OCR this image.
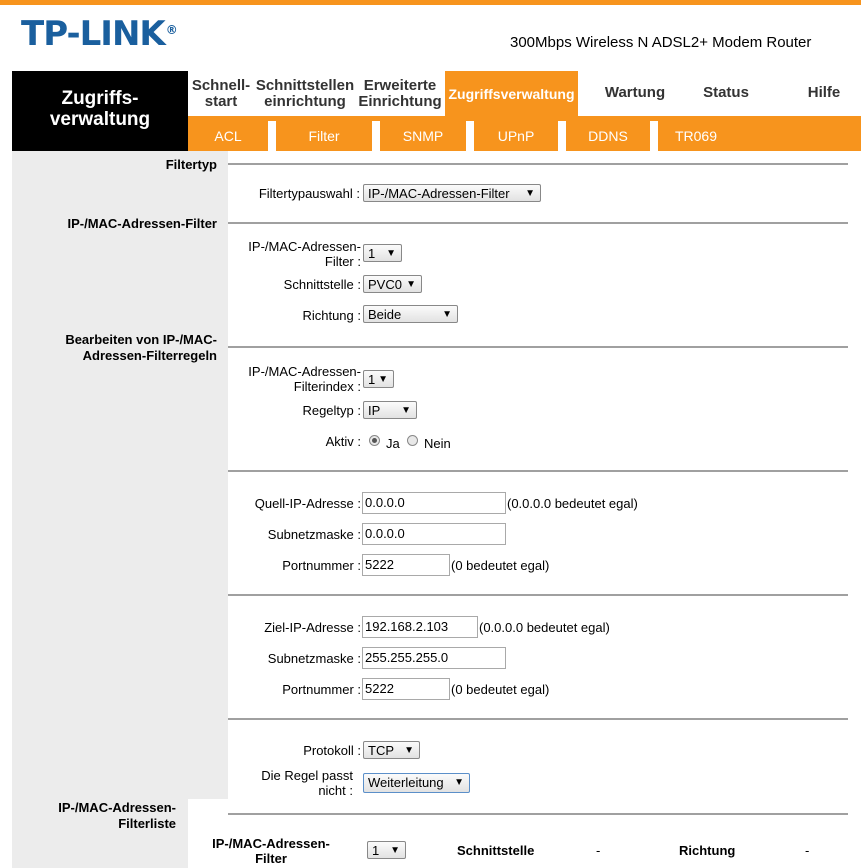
TP-LINK®
300Mbps Wireless N ADSL2+ Modem Router
Zugriffs-
verwaltung
Schnell-
start
Schnittstellen
einrichtung
Erweiterte
Einrichtung Zugriffsverwaltung	Wartung	Status	Hilfe
ACL	Filter	SNMP	UPnP	DDNS	TR069
Filtertyp
IP-/MAC-Adressen-Filter
Bearbeiten von IP-/MAC-
Adressen-Filterregeln
Filtertypauswahl : IP-/MAC-Adressen-Filter ▼
IP-/MAC-Adressen-
Filter :
1 ▼
Schnittstelle : PVC0 ▼
Richtung : Beide	▼
IP-/MAC-Adressen-
Filterindex : 1 ▼
Regeltyp : IP ▼
Aktiv : Ja Nein
Quell-IP-Adresse : 0.0.0.0	(0.0.0.0 bedeutet egal)
Subnetzmaske : 0.0.0.0
Portnummer : 5222	(0 bedeutet egal)
Ziel-IP-Adresse : 192.168.2.103	(0.0.0.0 bedeutet egal)
Subnetzmaske : 255.255.255.0
Portnummer : 5222	(0 bedeutet egal)
Protokoll : TCP ▼
Die Regel passt
nicht :
Weiterleitung ▼
IP-/MAC-Adressen-
Filterliste
IP-/MAC-Adressen-
Filter
1 ▼	Schnittstelle	-	Richtung	-
